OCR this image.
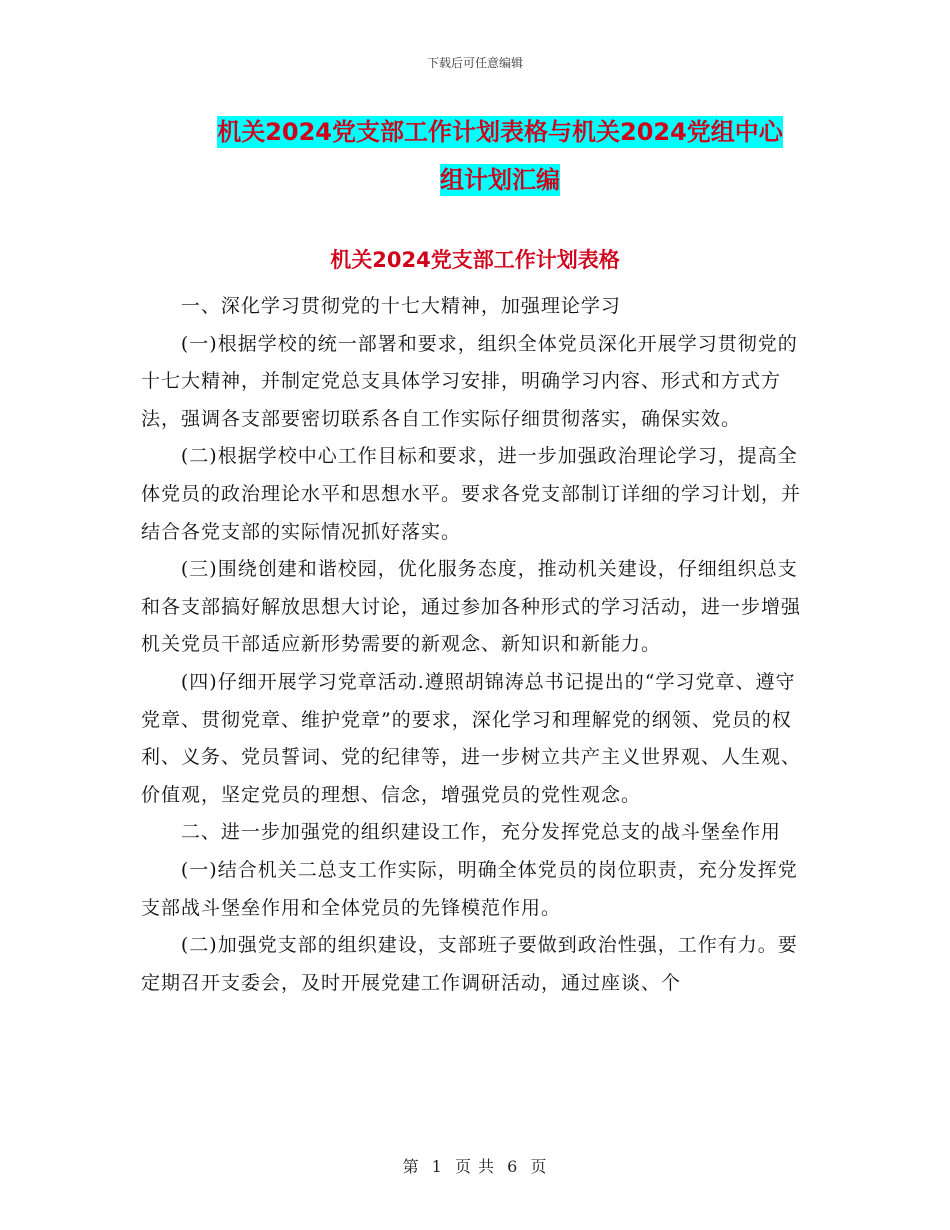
下载后可任意编辑
机关2024党支部工作计划表格与机关2024党组中心
组计划汇编
机关2024党支部工作计划表格

一、深化学习贯彻党的十七大精神，加强理论学习

(一)根据学校的统一部署和要求，组织全体党员深化开展学习贯彻党的十七大精神，并制定党总支具体学习安排，明确学习内容、形式和方式方法，强调各支部要密切联系各自工作实际仔细贯彻落实，确保实效。

(二)根据学校中心工作目标和要求，进一步加强政治理论学习，提高全体党员的政治理论水平和思想水平。要求各党支部制订详细的学习计划，并结合各党支部的实际情况抓好落实。

(三)围绕创建和谐校园，优化服务态度，推动机关建设，仔细组织总支和各支部搞好解放思想大讨论，通过参加各种形式的学习活动，进一步增强机关党员干部适应新形势需要的新观念、新知识和新能力。

(四)仔细开展学习党章活动.遵照胡锦涛总书记提出的“学习党章、遵守党章、贯彻党章、维护党章”的要求，深化学习和理解党的纲领、党员的权利、义务、党员誓词、党的纪律等，进一步树立共产主义世界观、人生观、价值观，坚定党员的理想、信念，增强党员的党性观念。

二、进一步加强党的组织建设工作，充分发挥党总支的战斗堡垒作用

(一)结合机关二总支工作实际，明确全体党员的岗位职责，充分发挥党支部战斗堡垒作用和全体党员的先锋模范作用。

(二)加强党支部的组织建设，支部班子要做到政治性强，工作有力。要定期召开支委会，及时开展党建工作调研活动，通过座谈、个

第 1 页 共 6 页
